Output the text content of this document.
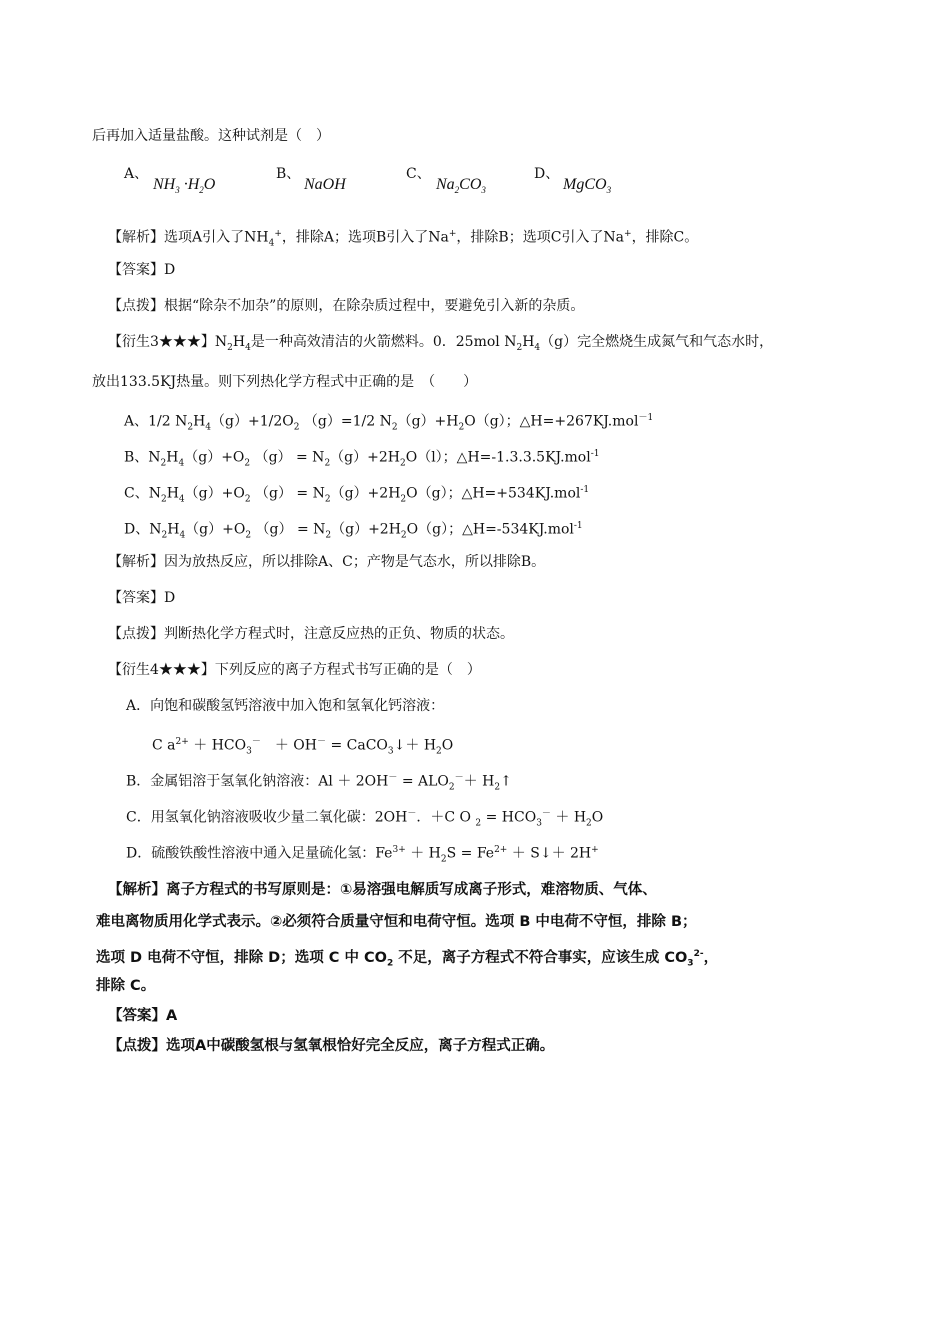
后再加入适量盐酸。这种试剂是（　）
A、
$NH_3 \cdot H_2O$
B、
NaOH
C、
$Na_2CO_3$
D、
MgCO$_3$
【解析】选项A引入了$NH_4^+$，排除A；选项B引入了Na+，排除B；选项C引入了Na+，排除C。
【答案】D
【点拨】根据“除杂不加杂”的原则，在除杂质过程中，要避免引入新的杂质。
【衍生3★★★】$N_2H_4$是一种高效清洁的火箭燃料。0．25mol $N_2H_4(g)$完全燃烧生成氮气和气态水时，
放出133.5KJ热量。则下列热化学方程式中正确的是　（　　）
A、1/2 $N_2H_4(g)+1/2O_2$ （g）=1/2 $N_2(g)+H_2O(g)$；△H=+267KJ.mol$^{-1}$
B、$N_2H_4(g)+O_2$ $(g) = N_2(g)+2H_2O(l)$；△H=-1.3.3.5KJ.mol$^{-1}$
C、$N_2H_4(g)+O_2$ $(g) = N_2(g)+2H_2O(g)$；△H=+534KJ.mol$^{-1}$
D、$N_2H_4(g)+O_2$ $(g) = N_2(g)+2H_2O(g)$；△H=-534KJ.mol$^{-1}$
【解析】因为放热反应，所以排除A、C；产物是气态水，所以排除B。
【答案】D
【点拨】判断热化学方程式时，注意反应热的正负、物质的状态。
【衍生4★★★】下列反应的离子方程式书写正确的是（　）
A．向饱和碳酸氢钙溶液中加入饱和氢氧化钙溶液：
C $a^{2+} + HCO_3^-$　＋ OH－ = CaCO$_3$↓＋ $H_2O$
B．金属铝溶于氢氧化钠溶液：$Al + 2OH^- = ALO_2^-+$ $H_2↑$
C．用氢氧化钠溶液吸收少量二氧化碳：2OH－．＋C O $_2 = HCO_3^- + H_2O$
D．硫酸铁酸性溶液中通入足量硫化氢：$Fe^{3+} + H_2S = Fe^{2+}$ ＋ S↓＋ 2H+
【解析】离子方程式的书写原则是：①易溶强电解质写成离子形式，难溶物质、气体、
难电离物质用化学式表示。②必须符合质量守恒和电荷守恒。选项 B 中电荷不守恒，排除 B；
选项 D 电荷不守恒，排除 D；选项 C 中 $CO_2$ 不足，离子方程式不符合事实，应该生成 $CO_3^{2-}$，
排除 C。
【答案】A
【点拨】选项A中碳酸氢根与氢氧根恰好完全反应，离子方程式正确。
